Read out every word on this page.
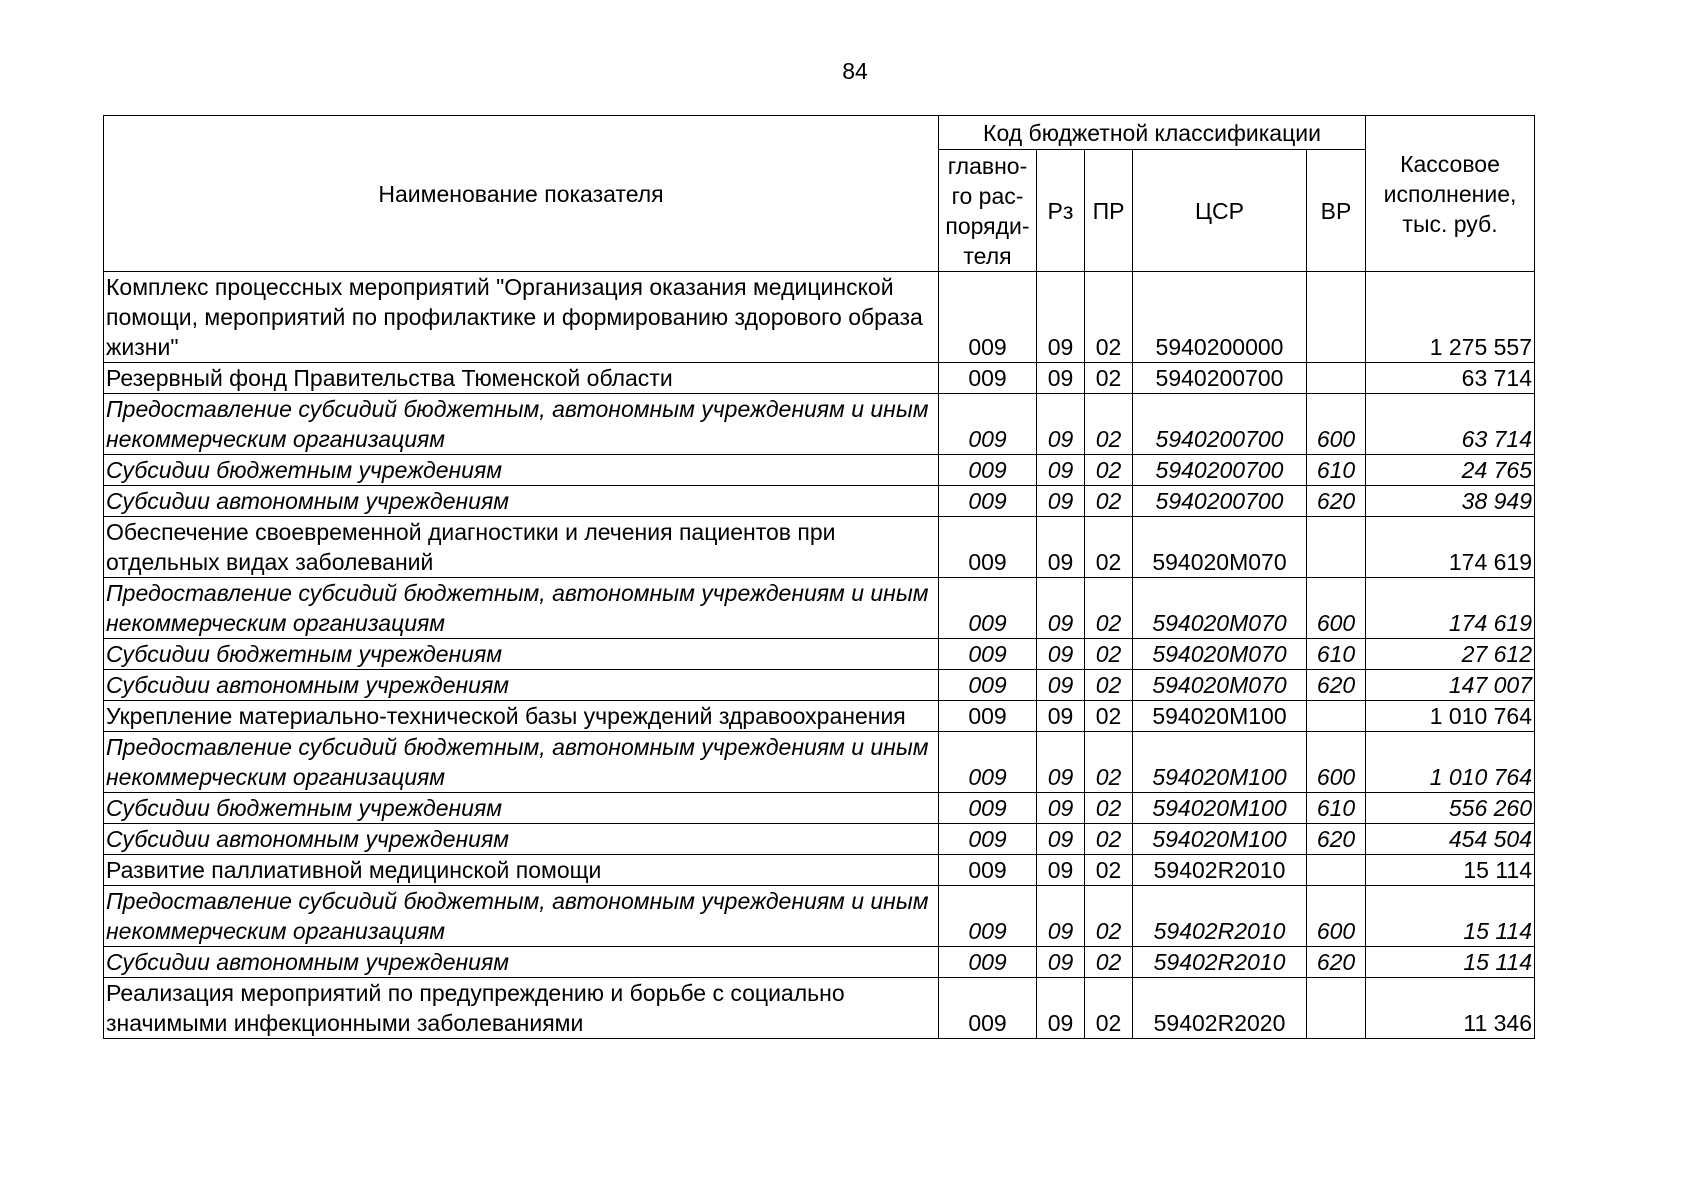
84
Наименование показателя	Код бюджетной классификации					Кассовое исполнение, тыс. руб.
	главно-го рас-поряди-теля	Рз	ПР	ЦСР	ВР	
Комплекс процессных мероприятий "Организация оказания медицинской помощи, мероприятий по профилактике и формированию здорового образа жизни"	009	09	02	5940200000		1 275 557
Резервный фонд Правительства Тюменской области	009	09	02	5940200700		63 714
Предоставление субсидий бюджетным, автономным учреждениям и иным некоммерческим организациям	009	09	02	5940200700	600	63 714
Субсидии бюджетным учреждениям	009	09	02	5940200700	610	24 765
Субсидии автономным учреждениям	009	09	02	5940200700	620	38 949
Обеспечение своевременной диагностики и лечения пациентов при отдельных видах заболеваний	009	09	02	594020М070		174 619
Предоставление субсидий бюджетным, автономным учреждениям и иным некоммерческим организациям	009	09	02	594020М070	600	174 619
Субсидии бюджетным учреждениям	009	09	02	594020М070	610	27 612
Субсидии автономным учреждениям	009	09	02	594020М070	620	147 007
Укрепление материально-технической базы учреждений здравоохранения	009	09	02	594020М100		1 010 764
Предоставление субсидий бюджетным, автономным учреждениям и иным некоммерческим организациям	009	09	02	594020М100	600	1 010 764
Субсидии бюджетным учреждениям	009	09	02	594020М100	610	556 260
Субсидии автономным учреждениям	009	09	02	594020М100	620	454 504
Развитие паллиативной медицинской помощи	009	09	02	59402R2010		15 114
Предоставление субсидий бюджетным, автономным учреждениям и иным некоммерческим организациям	009	09	02	59402R2010	600	15 114
Субсидии автономным учреждениям	009	09	02	59402R2010	620	15 114
Реализация мероприятий по предупреждению и борьбе с социально значимыми инфекционными заболеваниями	009	09	02	59402R2020		11 346
